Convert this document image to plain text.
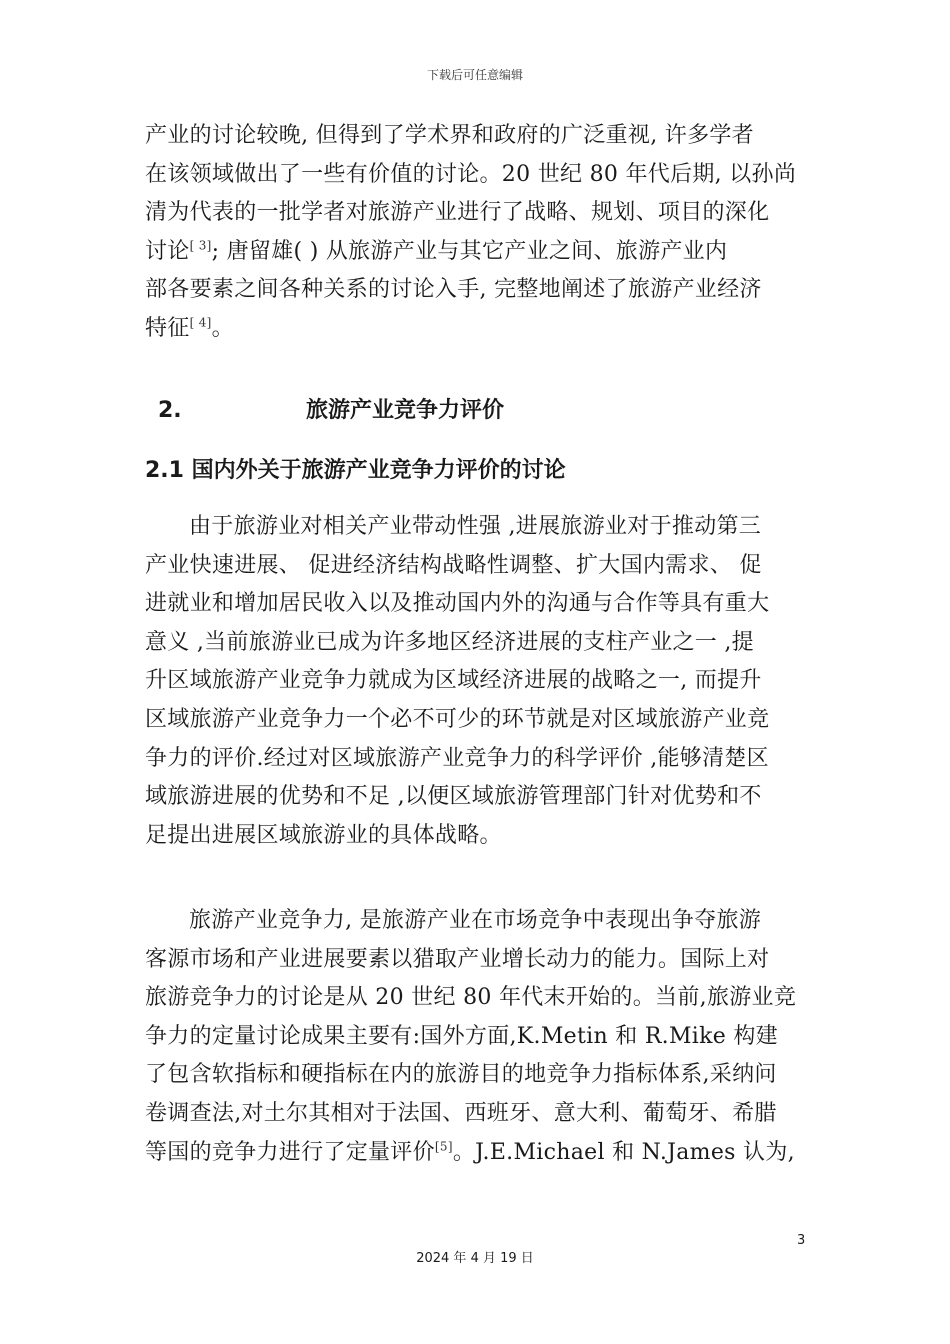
下载后可任意编辑
产业的讨论较晚, 但得到了学术界和政府的广泛重视, 许多学者
在该领域做出了一些有价值的讨论。20 世纪 80 年代后期, 以孙尚
清为代表的一批学者对旅游产业进行了战略、规划、项目的深化
讨论[ 3]; 唐留雄( ) 从旅游产业与其它产业之间、旅游产业内
部各要素之间各种关系的讨论入手, 完整地阐述了旅游产业经济
特征[ 4]。
2.	旅游产业竞争力评价
2.1 国内外关于旅游产业竞争力评价的讨论
由于旅游业对相关产业带动性强 ,进展旅游业对于推动第三
产业快速进展、 促进经济结构战略性调整、扩大国内需求、 促
进就业和增加居民收入以及推动国内外的沟通与合作等具有重大
意义 ,当前旅游业已成为许多地区经济进展的支柱产业之一 ,提
升区域旅游产业竞争力就成为区域经济进展的战略之一, 而提升
区域旅游产业竞争力一个必不可少的环节就是对区域旅游产业竞
争力的评价.经过对区域旅游产业竞争力的科学评价 ,能够清楚区
域旅游进展的优势和不足 ,以便区域旅游管理部门针对优势和不
足提出进展区域旅游业的具体战略。
旅游产业竞争力, 是旅游产业在市场竞争中表现出争夺旅游
客源市场和产业进展要素以猎取产业增长动力的能力。国际上对
旅游竞争力的讨论是从 20 世纪 80 年代末开始的。当前,旅游业竞
争力的定量讨论成果主要有:国外方面,K.Metin 和 R.Mike 构建
了包含软指标和硬指标在内的旅游目的地竞争力指标体系,采纳问
卷调查法,对土尔其相对于法国、西班牙、意大利、葡萄牙、希腊
等国的竞争力进行了定量评价[5]。J.E.Michael 和 N.James 认为,
3
2024 年 4 月 19 日
